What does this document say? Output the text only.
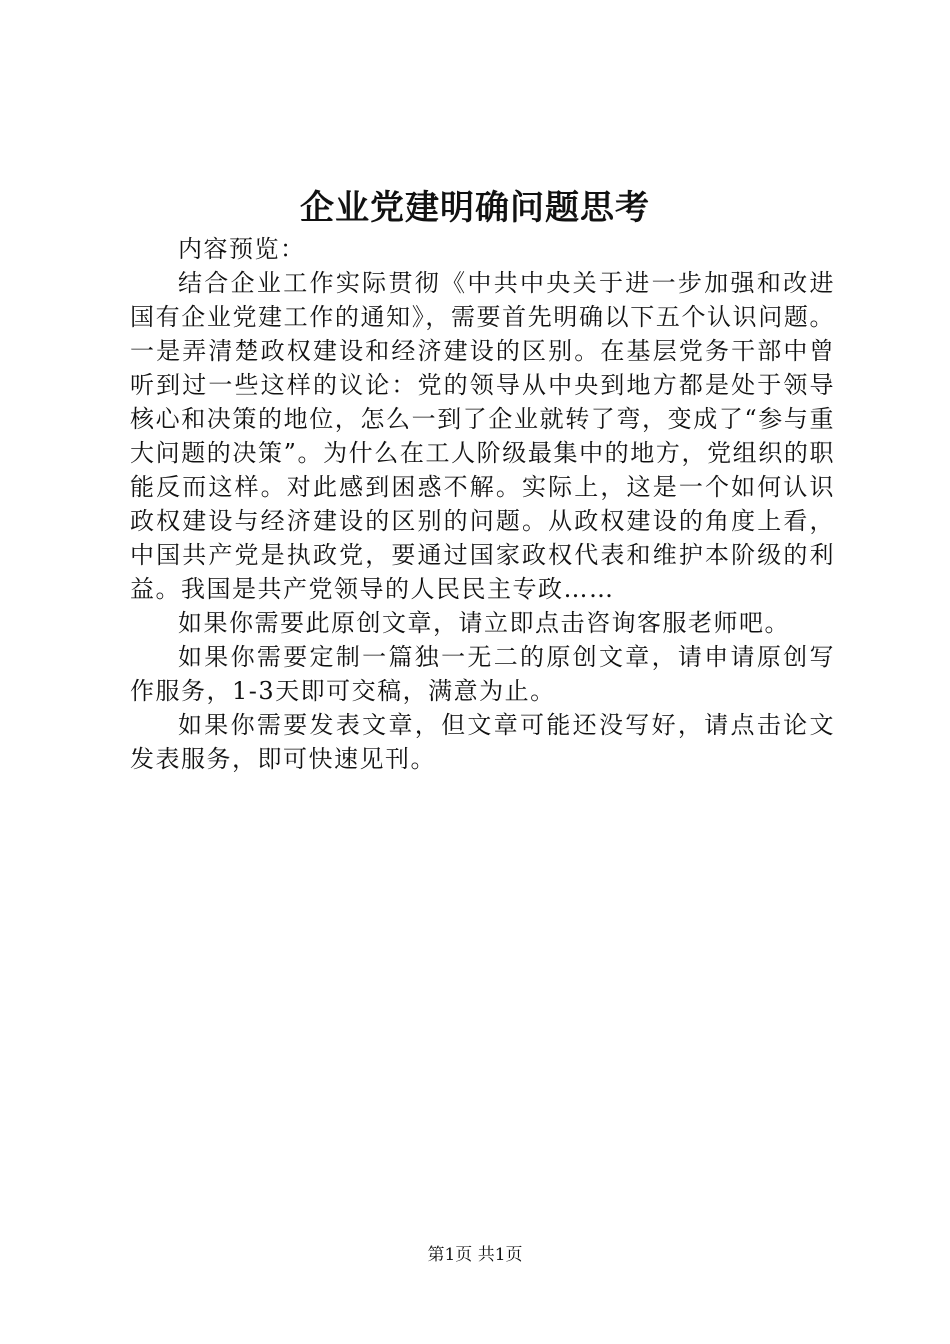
企业党建明确问题思考

内容预览：

结合企业工作实际贯彻《中共中央关于进一步加强和改进国有企业党建工作的通知》，需要首先明确以下五个认识问题。一是弄清楚政权建设和经济建设的区别。在基层党务干部中曾听到过一些这样的议论：党的领导从中央到地方都是处于领导核心和决策的地位，怎么一到了企业就转了弯，变成了“参与重大问题的决策”。为什么在工人阶级最集中的地方，党组织的职能反而这样。对此感到困惑不解。实际上，这是一个如何认识政权建设与经济建设的区别的问题。从政权建设的角度上看，中国共产党是执政党，要通过国家政权代表和维护本阶级的利益。我国是共产党领导的人民民主专政……

如果你需要此原创文章，请立即点击咨询客服老师吧。

如果你需要定制一篇独一无二的原创文章，请申请原创写作服务，1-3天即可交稿，满意为止。

如果你需要发表文章，但文章可能还没写好，请点击论文发表服务，即可快速见刊。

第1页 共1页
